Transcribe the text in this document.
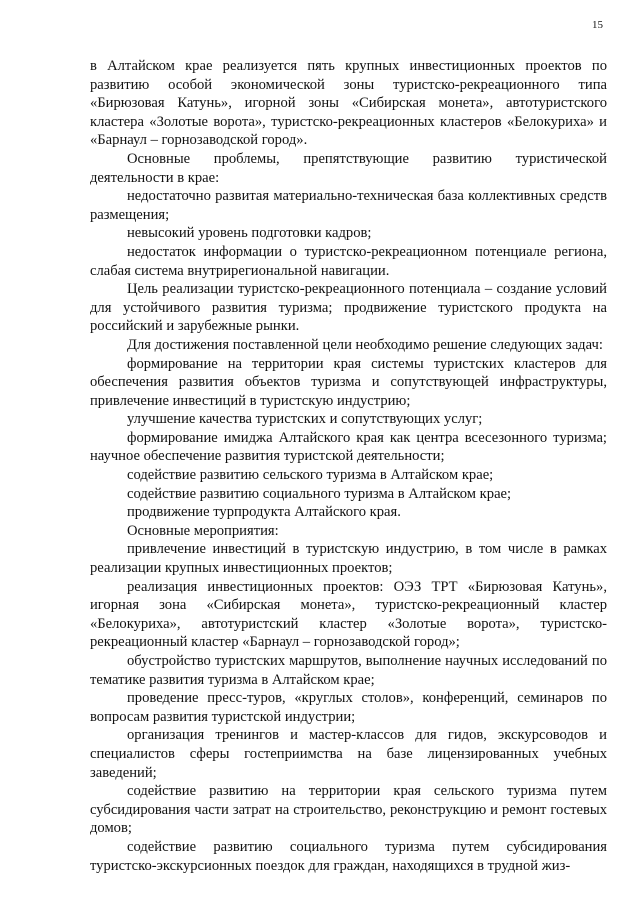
15

в Алтайском крае реализуется пять крупных инвестиционных проектов по развитию особой экономической зоны туристско-рекреационного типа «Бирюзовая Катунь», игорной зоны «Сибирская монета», автотуристского кластера «Золотые ворота», туристско-рекреационных кластеров «Белокуриха» и «Барнаул – горнозаводской город».

Основные проблемы, препятствующие развитию туристической деятельности в крае:

недостаточно развитая материально-техническая база коллективных средств размещения;

невысокий уровень подготовки кадров;

недостаток информации о туристско-рекреационном потенциале региона, слабая система внутрирегиональной навигации.

Цель реализации туристско-рекреационного потенциала – создание условий для устойчивого развития туризма; продвижение туристского продукта на российский и зарубежные рынки.

Для достижения поставленной цели необходимо решение следующих задач:

формирование на территории края системы туристских кластеров для обеспечения развития объектов туризма и сопутствующей инфраструктуры, привлечение инвестиций в туристскую индустрию;

улучшение качества туристских и сопутствующих услуг;

формирование имиджа Алтайского края как центра всесезонного туризма; научное обеспечение развития туристской деятельности;

содействие развитию сельского туризма в Алтайском крае;

содействие развитию социального туризма в Алтайском крае;

продвижение турпродукта Алтайского края.

Основные мероприятия:

привлечение инвестиций в туристскую индустрию, в том числе в рамках реализации крупных инвестиционных проектов;

реализация инвестиционных проектов: ОЭЗ ТРТ «Бирюзовая Катунь», игорная зона «Сибирская монета», туристско-рекреационный кластер «Белокуриха», автотуристский кластер «Золотые ворота», туристско-рекреационный кластер «Барнаул – горнозаводской город»;

обустройство туристских маршрутов, выполнение научных исследований по тематике развития туризма в Алтайском крае;

проведение пресс-туров, «круглых столов», конференций, семинаров по вопросам развития туристской индустрии;

организация тренингов и мастер-классов для гидов, экскурсоводов и специалистов сферы гостеприимства на базе лицензированных учебных заведений;

содействие развитию на территории края сельского туризма путем субсидирования части затрат на строительство, реконструкцию и ремонт гостевых домов;

содействие развитию социального туризма путем субсидирования туристско-экскурсионных поездок для граждан, находящихся в трудной жиз-
